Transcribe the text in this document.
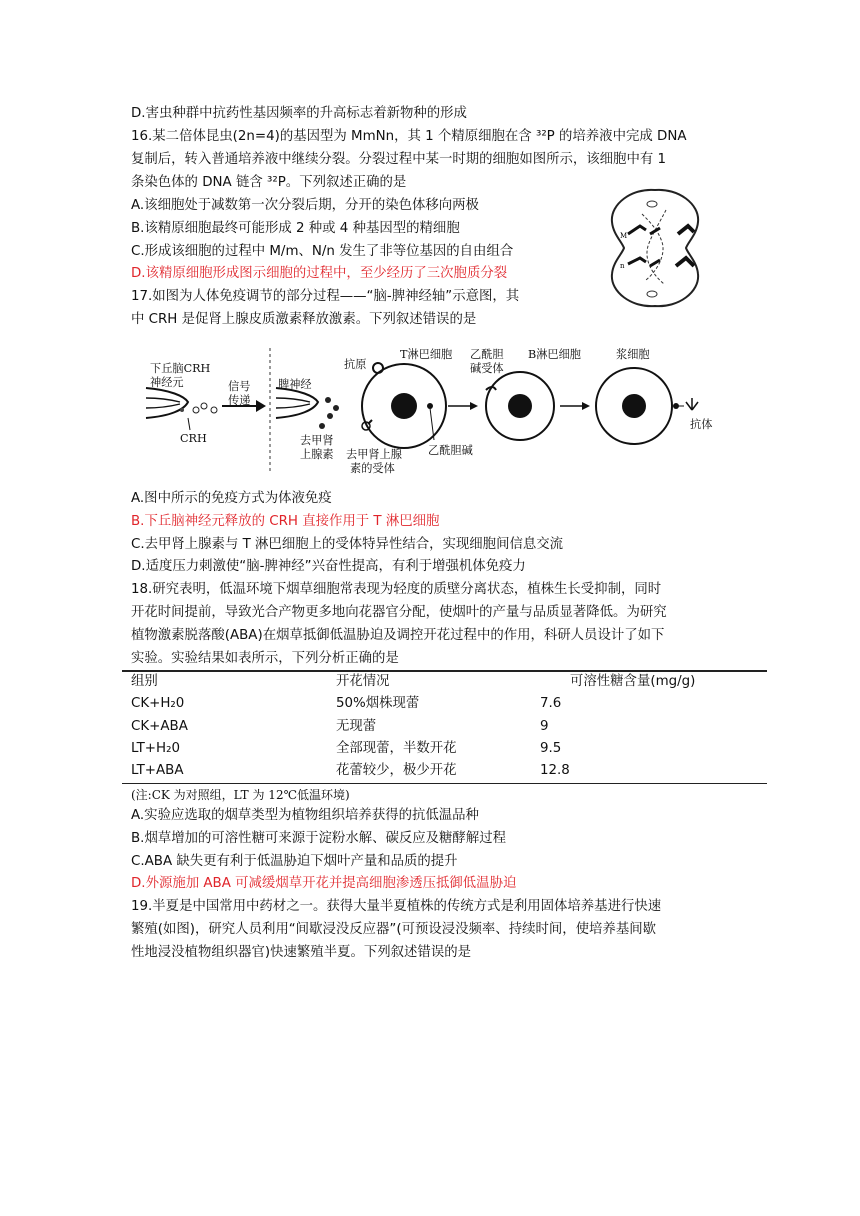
D.害虫种群中抗药性基因频率的升高标志着新物种的形成
16.某二倍体昆虫(2n=4)的基因型为 MmNn，其 1 个精原细胞在含 ³²P 的培养液中完成 DNA
复制后，转入普通培养液中继续分裂。分裂过程中某一时期的细胞如图所示，该细胞中有 1
条染色体的 DNA 链含 ³²P。下列叙述正确的是
A.该细胞处于减数第一次分裂后期，分开的染色体移向两极
B.该精原细胞最终可能形成 2 种或 4 种基因型的精细胞
C.形成该细胞的过程中 M/m、N/n 发生了非等位基因的自由组合
D.该精原细胞形成图示细胞的过程中，至少经历了三次胞质分裂
17.如图为人体免疫调节的部分过程——“脑-脾神经轴”示意图，其
中 CRH 是促肾上腺皮质激素释放激素。下列叙述错误的是
M
n
下丘脑CRH
神经元
CRH
信号
传递
脾神经
去甲肾
上腺素
抗原
T淋巴细胞 乙酰胆
碱受体
B淋巴细胞	浆细胞
去甲肾上腺
素的受体
乙酰胆碱
抗体
A.图中所示的免疫方式为体液免疫
B.下丘脑神经元释放的 CRH 直接作用于 T 淋巴细胞
C.去甲肾上腺素与 T 淋巴细胞上的受体特异性结合，实现细胞间信息交流
D.适度压力刺激使“脑-脾神经”兴奋性提高，有利于增强机体免疫力
18.研究表明，低温环境下烟草细胞常表现为轻度的质壁分离状态，植株生长受抑制，同时
开花时间提前，导致光合产物更多地向花器官分配，使烟叶的产量与品质显著降低。为研究
植物激素脱落酸(ABA)在烟草抵御低温胁迫及调控开花过程中的作用，科研人员设计了如下
实验。实验结果如表所示，下列分析正确的是
组别	开花情况	可溶性糖含量(mg/g)
CK+H₂0	50%烟株现蕾	7.6
CK+ABA	无现蕾	9
LT+H₂0	全部现蕾，半数开花	9.5
LT+ABA	花蕾较少，极少开花	12.8
(注:CK 为对照组，LT 为 12℃低温环境)
A.实验应选取的烟草类型为植物组织培养获得的抗低温品种
B.烟草增加的可溶性糖可来源于淀粉水解、碳反应及糖酵解过程
C.ABA 缺失更有利于低温胁迫下烟叶产量和品质的提升
D.外源施加 ABA 可减缓烟草开花并提高细胞渗透压抵御低温胁迫
19.半夏是中国常用中药材之一。获得大量半夏植株的传统方式是利用固体培养基进行快速
繁殖(如图)，研究人员利用“间歇浸没反应器”(可预设浸没频率、持续时间，使培养基间歇
性地浸没植物组织器官)快速繁殖半夏。下列叙述错误的是
